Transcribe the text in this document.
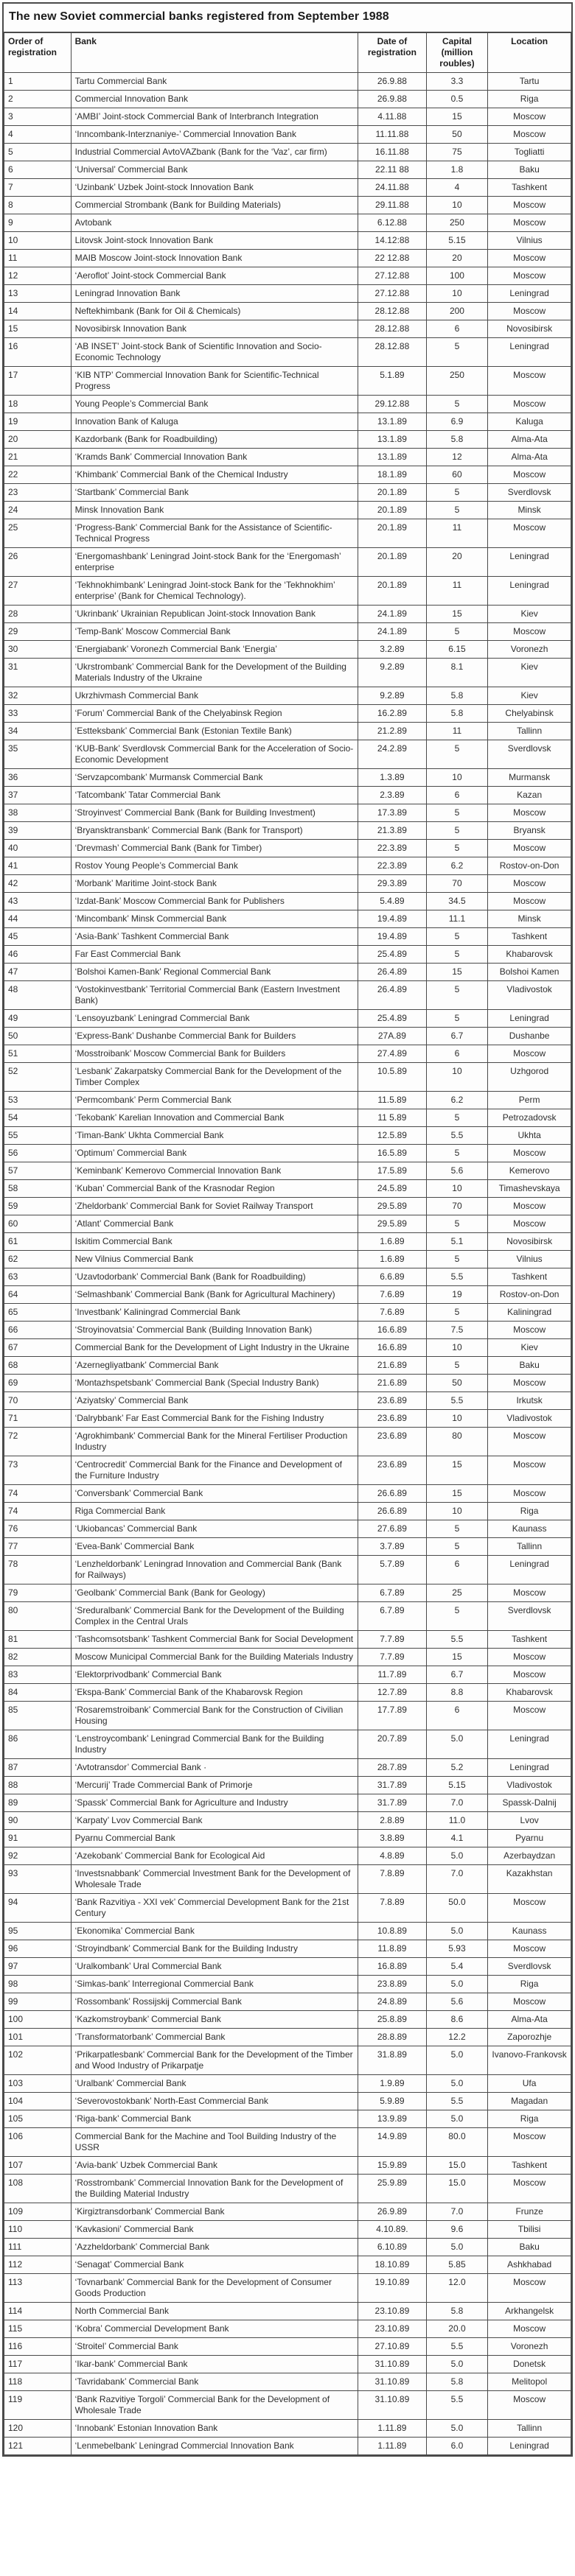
The new Soviet commercial banks registered from September 1988
Order of registration	Bank	Date of registration	Capital (million roubles)	Location
1	Tartu Commercial Bank	26.9.88	3.3	Tartu
2	Commercial Innovation Bank	26.9.88	0.5	Riga
3	‘AMBI’ Joint-stock Commercial Bank of Interbranch Integration	4.11.88	15	Moscow
4	‘Inncombank-Interznaniye-’ Commercial Innovation Bank	11.11.88	50	Moscow
5	Industrial Commercial AvtoVAZbank (Bank for the ‘Vaz’, car firm)	16.11.88	75	Togliatti
6	‘Universal’ Commercial Bank	22.11 88	1.8	Baku
7	‘Uzinbank’ Uzbek Joint-stock Innovation Bank	24.11.88	4	Tashkent
8	Commercial Strombank (Bank for Building Materials)	29.11.88	10	Moscow
9	Avtobank	6.12.88	250	Moscow
10	Litovsk Joint-stock Innovation Bank	14.12:88	5.15	Vilnius
11	MAIB Moscow Joint-stock Innovation Bank	22 12.88	20	Moscow
12	‘Aeroflot’ Joint-stock Commercial Bank	27.12.88	100	Moscow
13	Leningrad Innovation Bank	27.12.88	10	Leningrad
14	Neftekhimbank (Bank for Oil & Chemicals)	28.12.88	200	Moscow
15	Novosibirsk Innovation Bank	28.12.88	6	Novosibirsk
16	‘AB INSET’ Joint-stock Bank of Scientific Innovation and Socio-Economic Technology	28.12.88	5	Leningrad
17	‘KIB NTP’ Commercial Innovation Bank for Scientific-Technical Progress	5.1.89	250	Moscow
18	Young People’s Commercial Bank	29.12.88	5	Moscow
19	Innovation Bank of Kaluga	13.1.89	6.9	Kaluga
20	Kazdorbank (Bank for Roadbuilding)	13.1.89	5.8	Alma-Ata
21	‘Kramds Bank’ Commercial Innovation Bank	13.1.89	12	Alma-Ata
22	‘Khimbank’ Commercial Bank of the Chemical Industry	18.1.89	60	Moscow
23	‘Startbank’ Commercial Bank	20.1.89	5	Sverdlovsk
24	Minsk Innovation Bank	20.1.89	5	Minsk
25	‘Progress-Bank’ Commercial Bank for the Assistance of Scientific-Technical Progress	20.1.89	11	Moscow
26	‘Energomashbank’ Leningrad Joint-stock Bank for the ‘Energomash’ enterprise	20.1.89	20	Leningrad
27	‘Tekhnokhimbank’ Leningrad Joint-stock Bank for the ‘Tekhnokhim’ enterprise’ (Bank for Chemical Technology).	20.1.89	11	Leningrad
28	‘Ukrinbank’ Ukrainian Republican Joint-stock Innovation Bank	24.1.89	15	Kiev
29	‘Temp-Bank’ Moscow Commercial Bank	24.1.89	5	Moscow
30	‘Energiabank’ Voronezh Commercial Bank ‘Energia’	3.2.89	6.15	Voronezh
31	‘Ukrstrombank’ Commercial Bank for the Development of the Building Materials Industry of the Ukraine	9.2.89	8.1	Kiev
32	Ukrzhivmash Commercial Bank	9.2.89	5.8	Kiev
33	‘Forum’ Commercial Bank of the Chelyabinsk Region	16.2.89	5.8	Chelyabinsk
34	‘Estteksbank’ Commercial Bank (Estonian Textile Bank)	21.2.89	11	Tallinn
35	‘KUB-Bank’ Sverdlovsk Commercial Bank for the Acceleration of Socio-Economic Development	24.2.89	5	Sverdlovsk
36	‘Servzapcombank’ Murmansk Commercial Bank	1.3.89	10	Murmansk
37	‘Tatcombank’ Tatar Commercial Bank	2.3.89	6	Kazan
38	‘Stroyinvest’ Commercial Bank (Bank for Building Investment)	17.3.89	5	Moscow
39	‘Bryansktransbank’ Commercial Bank (Bank for Transport)	21.3.89	5	Bryansk
40	‘Drevmash’ Commercial Bank (Bank for Timber)	22.3.89	5	Moscow
41	Rostov Young People’s Commercial Bank	22.3.89	6.2	Rostov-on-Don
42	‘Morbank’ Maritime Joint-stock Bank	29.3.89	70	Moscow
43	‘Izdat-Bank’ Moscow Commercial Bank for Publishers	5.4.89	34.5	Moscow
44	‘Mincombank’ Minsk Commercial Bank	19.4.89	11.1	Minsk
45	‘Asia-Bank’ Tashkent Commercial Bank	19.4.89	5	Tashkent
46	Far East Commercial Bank	25.4.89	5	Khabarovsk
47	‘Bolshoi Kamen-Bank’ Regional Commercial Bank	26.4.89	15	Bolshoi Kamen
48	‘Vostokinvestbank’ Territorial Commercial Bank (Eastern Investment Bank)	26.4.89	5	Vladivostok
49	‘Lensoyuzbank’ Leningrad Commercial Bank	25.4.89	5	Leningrad
50	‘Express-Bank’ Dushanbe Commercial Bank for Builders	27A.89	6.7	Dushanbe
51	‘Mosstroibank’ Moscow Commercial Bank for Builders	27.4.89	6	Moscow
52	‘Lesbank’ Zakarpatsky Commercial Bank for the Development of the Timber Complex	10.5.89	10	Uzhgorod
53	‘Permcombank’ Perm Commercial Bank	11.5.89	6.2	Perm
54	‘Tekobank’ Karelian Innovation and Commercial Bank	11 5.89	5	Petrozadovsk
55	‘Timan-Bank’ Ukhta Commercial Bank	12.5.89	5.5	Ukhta
56	‘Optimum’ Commercial Bank	16.5.89	5	Moscow
57	‘Keminbank’ Kemerovo Commercial Innovation Bank	17.5.89	5.6	Kemerovo
58	‘Kuban’ Commercial Bank of the Krasnodar Region	24.5.89	10	Timashevskaya
59	‘Zheldorbank’ Commercial Bank for Soviet Railway Transport	29.5.89	70	Moscow
60	‘Atlant’ Commercial Bank	29.5.89	5	Moscow
61	Iskitim Commercial Bank	1.6.89	5.1	Novosibirsk
62	New Vilnius Commercial Bank	1.6.89	5	Vilnius
63	‘Uzavtodorbank’ Commercial Bank (Bank for Roadbuilding)	6.6.89	5.5	Tashkent
64	‘Selmashbank’ Commercial Bank (Bank for Agricultural Machinery)	7.6.89	19	Rostov-on-Don
65	‘Investbank’ Kaliningrad Commercial Bank	7.6.89	5	Kaliningrad
66	‘Stroyinovatsia’ Commercial Bank (Building Innovation Bank)	16.6.89	7.5	Moscow
67	Commercial Bank for the Development of Light Industry in the Ukraine	16.6.89	10	Kiev
68	‘Azernegliyatbank’ Commercial Bank	21.6.89	5	Baku
69	‘Montazhspetsbank’ Commercial Bank (Special Industry Bank)	21.6.89	50	Moscow
70	‘Aziyatsky’ Commercial Bank	23.6.89	5.5	Irkutsk
71	‘Dalrybbank’ Far East Commercial Bank for the Fishing Industry	23.6.89	10	Vladivostok
72	‘Agrokhimbank’ Commercial Bank for the Mineral Fertiliser Production Industry	23.6.89	80	Moscow
73	‘Centrocredit’ Commercial Bank for the Finance and Development of the Furniture Industry	23.6.89	15	Moscow
74	‘Conversbank’ Commercial Bank	26.6.89	15	Moscow
74	Riga Commercial Bank	26.6.89	10	Riga
76	‘Ukiobancas’ Commercial Bank	27.6.89	5	Kaunass
77	‘Evea-Bank’ Commercial Bank	3.7.89	5	Tallinn
78	‘Lenzheldorbank’ Leningrad Innovation and Commercial Bank (Bank for Railways)	5.7.89	6	Leningrad
79	‘Geolbank’ Commercial Bank (Bank for Geology)	6.7.89	25	Moscow
80	‘Sreduralbank’ Commercial Bank for the Development of the Building Complex in the Central Urals	6.7.89	5	Sverdlovsk
81	‘Tashcomsotsbank’ Tashkent Commercial Bank for Social Development	7.7.89	5.5	Tashkent
82	Moscow Municipal Commercial Bank for the Building Materials Industry	7.7.89	15	Moscow
83	‘Elektorprivodbank’ Commercial Bank	11.7.89	6.7	Moscow
84	‘Ekspa-Bank’ Commercial Bank of the Khabarovsk Region	12.7.89	8.8	Khabarovsk
85	‘Rosaremstroibank’ Commercial Bank for the Construction of Civilian Housing	17.7.89	6	Moscow
86	‘Lenstroycombank’ Leningrad Commercial Bank for the Building Industry	20.7.89	5.0	Leningrad
87	‘Avtotransdor’ Commercial Bank ·	28.7.89	5.2	Leningrad
88	‘Mercurij’ Trade Commercial Bank of Primorje	31.7.89	5.15	Vladivostok
89	‘Spassk’ Commercial Bank for Agriculture and Industry	31.7.89	7.0	Spassk-Dalnij
90	‘Karpaty’ Lvov Commercial Bank	2.8.89	11.0	Lvov
91	Pyarnu Commercial Bank	3.8.89	4.1	Pyarnu
92	‘Azekobank’ Commercial Bank for Ecological Aid	4.8.89	5.0	Azerbaydzan
93	‘Investsnabbank’ Commercial Investment Bank for the Development of Wholesale Trade	7.8.89	7.0	Kazakhstan
94	‘Bank Razvitiya - XXI vek’ Commercial Development Bank for the 21st Century	7.8.89	50.0	Moscow
95	‘Ekonomika’ Commercial Bank	10.8.89	5.0	Kaunass
96	‘Stroyindbank’ Commercial Bank for the Building Industry	11.8.89	5.93	Moscow
97	‘Uralkombank’ Ural Commercial Bank	16.8.89	5.4	Sverdlovsk
98	‘Simkas-bank’ Interregional Commercial Bank	23.8.89	5.0	Riga
99	‘Rossombank’ Rossijskij Commercial Bank	24.8.89	5.6	Moscow
100	‘Kazkomstroybank’ Commercial Bank	25.8.89	8.6	Alma-Ata
101	‘Transformatorbank’ Commercial Bank	28.8.89	12.2	Zaporozhje
102	‘Prikarpatlesbank’ Commercial Bank for the Development of the Timber and Wood Industry of Prikarpatje	31.8.89	5.0	Ivanovo-Frankovsk
103	‘Uralbank’ Commercial Bank	1.9.89	5.0	Ufa
104	‘Severovostokbank’ North-East Commercial Bank	5.9.89	5.5	Magadan
105	‘Riga-bank’ Commercial Bank	13.9.89	5.0	Riga
106	Commercial Bank for the Machine and Tool Building Industry of the USSR	14.9.89	80.0	Moscow
107	‘Avia-bank’ Uzbek Commercial Bank	15.9.89	15.0	Tashkent
108	‘Rosstrombank’ Commercial Innovation Bank for the Development of the Building Material Industry	25.9.89	15.0	Moscow
109	‘Kirgiztransdorbank’ Commercial Bank	26.9.89	7.0	Frunze
110	‘Kavkasioni’ Commercial Bank	4.10.89.	9.6	Tbilisi
111	‘Azzheldorbank’ Commercial Bank	6.10.89	5.0	Baku
112	‘Senagat’ Commercial Bank	18.10.89	5.85	Ashkhabad
113	‘Tovnarbank’ Commercial Bank for the Development of Consumer Goods Production	19.10.89	12.0	Moscow
114	North Commercial Bank	23.10.89	5.8	Arkhangelsk
115	‘Kobra’ Commercial Development Bank	23.10.89	20.0	Moscow
116	‘Stroitel’ Commercial Bank	27.10.89	5.5	Voronezh
117	‘Ikar-bank’ Commercial Bank	31.10.89	5.0	Donetsk
118	‘Tavridabank’ Commercial Bank	31.10.89	5.8	Melitopol
119	‘Bank Razvitiye Torgoli’ Commercial Bank for the Development of Wholesale Trade	31.10.89	5.5	Moscow
120	‘Innobank’ Estonian Innovation Bank	1.11.89	5.0	Tallinn
121	‘Lenmebelbank’ Leningrad Commercial Innovation Bank	1.11.89	6.0	Leningrad
